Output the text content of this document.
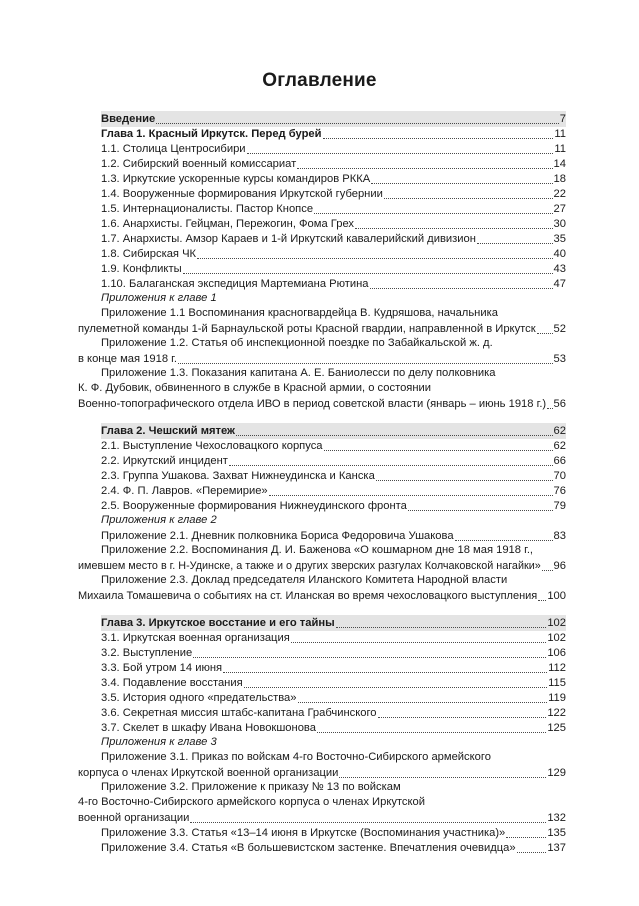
Оглавление
Введение	7
Глава 1. Красный Иркутск. Перед бурей	11
1.1. Столица Центросибири	11
1.2. Сибирский военный комиссариат	14
1.3. Иркутские ускоренные курсы командиров РККА	18
1.4. Вооруженные формирования Иркутской губернии	22
1.5. Интернационалисты. Пастор Кнопсе	27
1.6. Анархисты. Гейцман, Пережогин, Фома Грех	30
1.7. Анархисты. Амзор Караев и 1-й Иркутский кавалерийский дивизион	35
1.8. Сибирская ЧК	40
1.9. Конфликты	43
1.10. Балаганская экспедиция Мартемиана Рютина	47
Приложения к главе 1
Приложение 1.1 Воспоминания красногвардейца В. Кудряшова, начальника
пулеметной команды 1-й Барнаульской роты Красной гвардии, направленной в Иркутск 52
Приложение 1.2. Статья об инспекционной поездке по Забайкальской ж. д.
в конце мая 1918 г.	53
Приложение 1.3. Показания капитана А. Е. Баниолесси по делу полковника
К. Ф. Дубовик, обвиненного в службе в Красной армии, о состоянии
Военно-топографического отдела ИВО в период советской власти (январь – июнь 1918 г.) 56
Глава 2. Чешский мятеж	62
2.1. Выступление Чехословацкого корпуса	62
2.2. Иркутский инцидент	66
2.3. Группа Ушакова. Захват Нижнеудинска и Канска	70
2.4. Ф. П. Лавров. «Перемирие»	76
2.5. Вооруженные формирования Нижнеудинского фронта	79
Приложения к главе 2
Приложение 2.1. Дневник полковника Бориса Федоровича Ушакова	83
Приложение 2.2. Воспоминания Д. И. Баженова «О кошмарном дне 18 мая 1918 г.,
имевшем место в г. Н-Удинске, а также и о других зверских разгулах Колчаковской нагайки» 96
Приложение 2.3. Доклад председателя Иланского Комитета Народной власти
Михаила Томашевича о событиях на ст. Иланская во время чехословацкого выступления 100
Глава 3. Иркутское восстание и его тайны	102
3.1. Иркутская военная организация	102
3.2. Выступление	106
3.3. Бой утром 14 июня	112
3.4. Подавление восстания	115
3.5. История одного «предательства»	119
3.6. Секретная миссия штабс-капитана Грабчинского	122
3.7. Скелет в шкафу Ивана Новокшонова	125
Приложения к главе 3
Приложение 3.1. Приказ по войскам 4-го Восточно-Сибирского армейского
корпуса о членах Иркутской военной организации	129
Приложение 3.2. Приложение к приказу № 13 по войскам
4-го Восточно-Сибирского армейского корпуса о членах Иркутской
военной организации	132
Приложение 3.3. Статья «13–14 июня в Иркутске (Воспоминания участника)»	135
Приложение 3.4. Статья «В большевистском застенке. Впечатления очевидца»	137
